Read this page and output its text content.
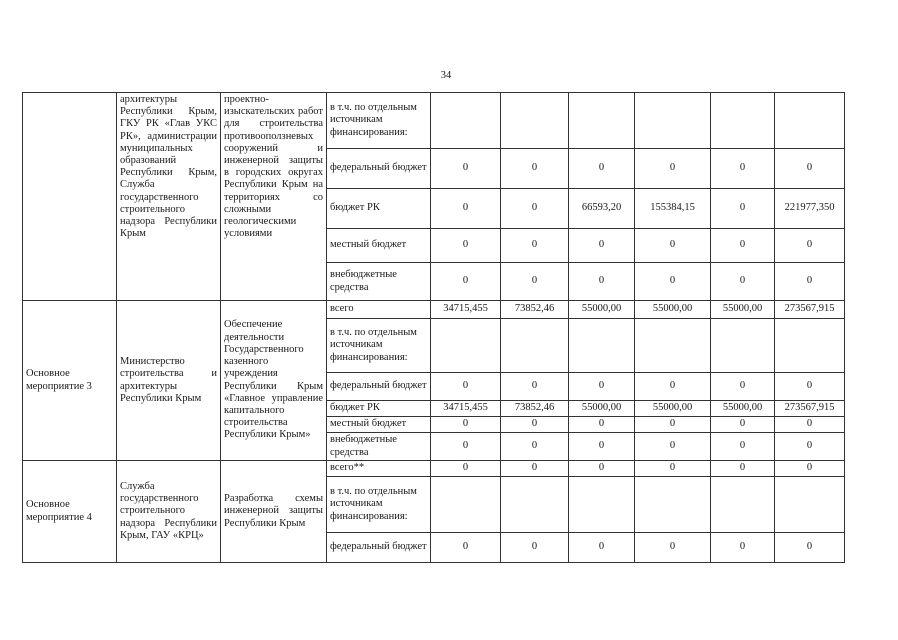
34
	архитектуры Республики Крым, ГКУ РК «Глав УКС РК», администрации муниципальных образований Республики Крым, Служба государственного строительного надзора Республики Крым	проектно-изыскательских работ для строительства противооползневых сооружений и инженерной защиты в городских округах Республики Крым на территориях со сложными геологическими условиями	в т.ч. по отдельным источникам финансирования:						
			федеральный бюджет	0	0	0	0	0	0
			бюджет РК	0	0	66593,20	155384,15	0	221977,350
			местный бюджет	0	0	0	0	0	0
			внебюджетные средства	0	0	0	0	0	0
Основное мероприятие 3	Министерство строительства и архитектуры Республики Крым	Обеспечение деятельности Государственного казенного учреждения Республики Крым «Главное управление капитального строительства Республики Крым»	всего	34715,455	73852,46	55000,00	55000,00	55000,00	273567,915
			в т.ч. по отдельным источникам финансирования:						
			федеральный бюджет	0	0	0	0	0	0
			бюджет РК	34715,455	73852,46	55000,00	55000,00	55000,00	273567,915
			местный бюджет	0	0	0	0	0	0
			внебюджетные средства	0	0	0	0	0	0
Основное мероприятие 4	Служба государственного строительного надзора Республики Крым, ГАУ «КРЦ»	Разработка схемы инженерной защиты Республики Крым	всего**	0	0	0	0	0	0
			в т.ч. по отдельным источникам финансирования:						
			федеральный бюджет	0	0	0	0	0	0
